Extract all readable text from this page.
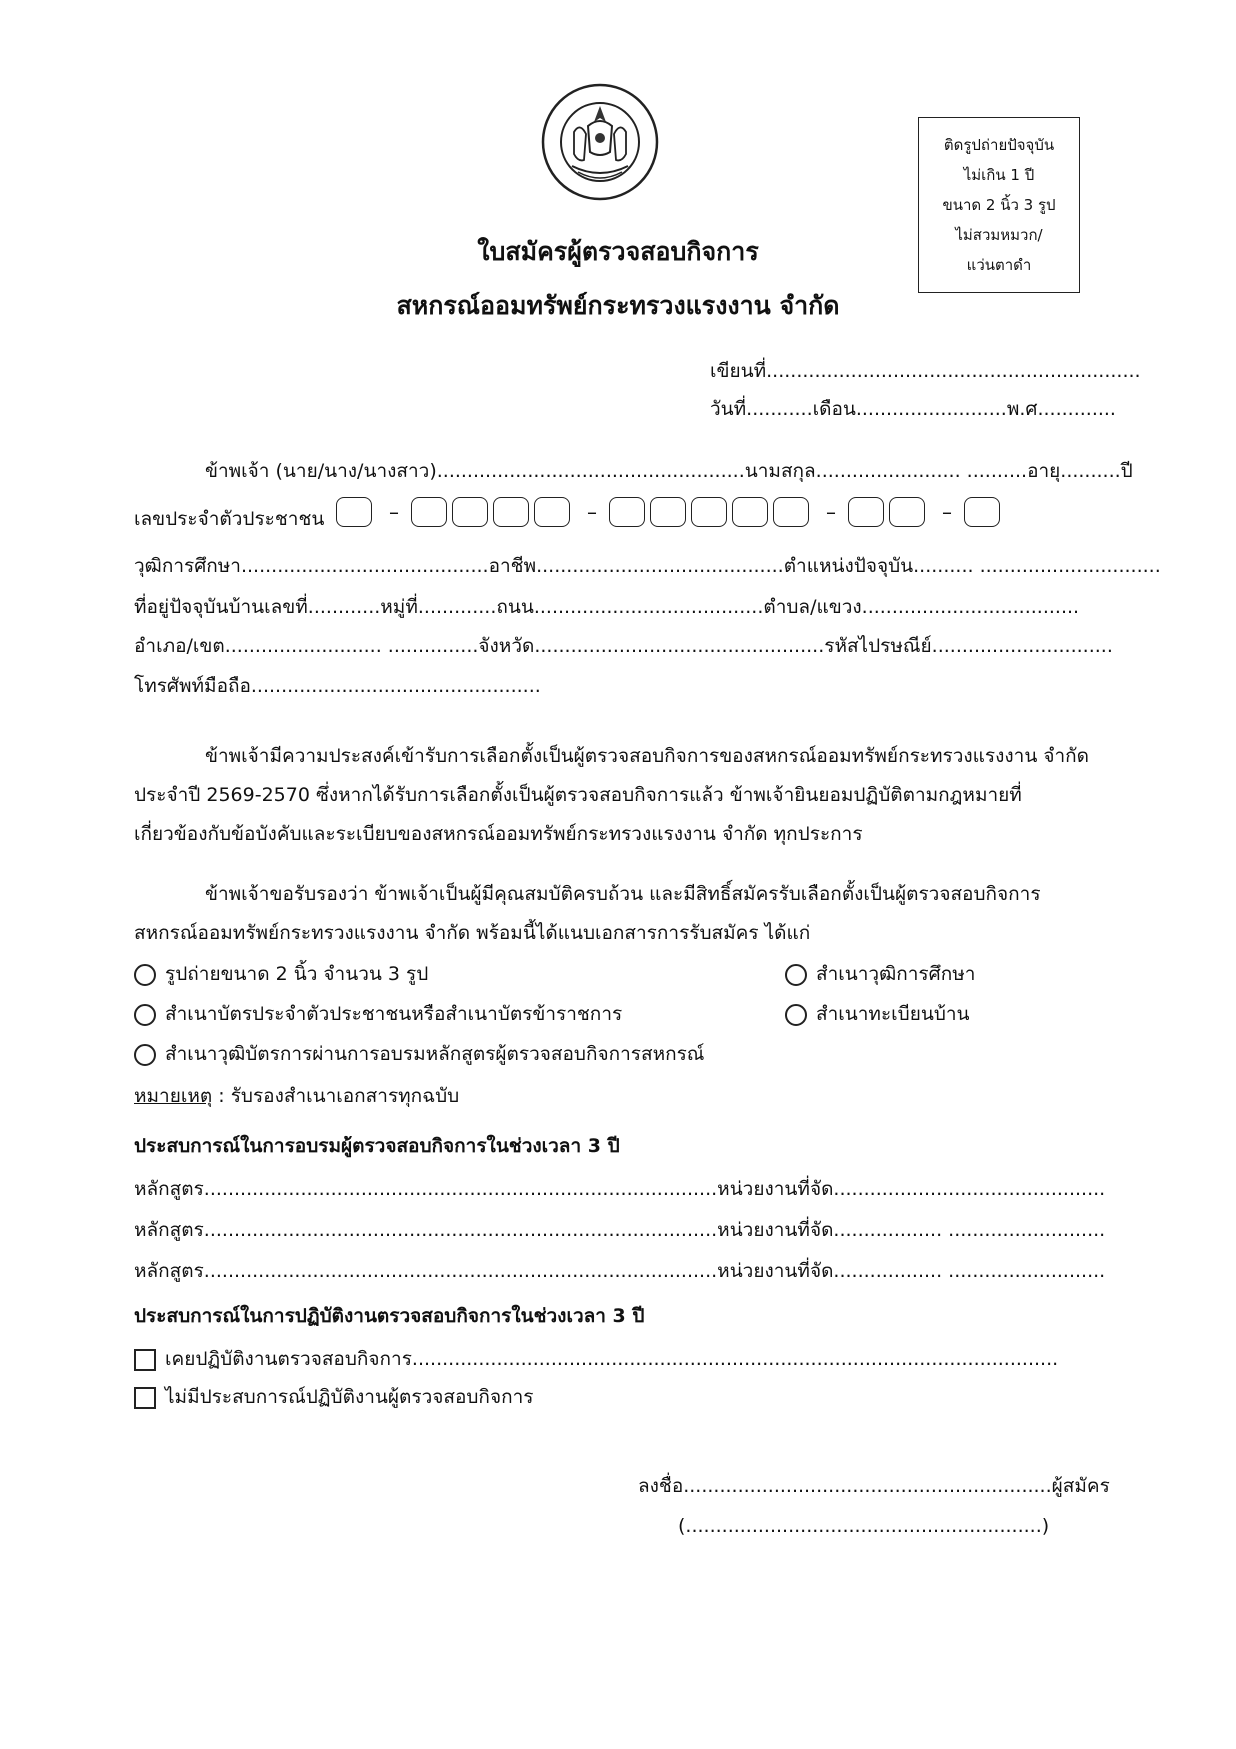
ติดรูปถ่ายปัจจุบัน
ไม่เกิน 1 ปี
ขนาด 2 นิ้ว 3 รูป
ไม่สวมหมวก/
แว่นตาดำ
ใบสมัครผู้ตรวจสอบกิจการ
สหกรณ์ออมทรัพย์กระทรวงแรงงาน จำกัด
เขียนที่..............................................................
วันที่...........เดือน.........................พ.ศ.............
ข้าพเจ้า (นาย/นาง/นางสาว)...................................................นามสกุล........................ ..........อายุ..........ปี
เลขประจำตัวประชาชน	–	–	–	–
วุฒิการศึกษา.........................................อาชีพ.........................................ตำแหน่งปัจจุบัน.......... ..............................
ที่อยู่ปัจจุบันบ้านเลขที่............หมู่ที่.............ถนน......................................ตำบล/แขวง....................................
อำเภอ/เขต.......................... ...............จังหวัด................................................รหัสไปรษณีย์..............................
โทรศัพท์มือถือ................................................
ข้าพเจ้ามีความประสงค์เข้ารับการเลือกตั้งเป็นผู้ตรวจสอบกิจการของสหกรณ์ออมทรัพย์กระทรวงแรงงาน จำกัด
ประจำปี 2569-2570 ซึ่งหากได้รับการเลือกตั้งเป็นผู้ตรวจสอบกิจการแล้ว ข้าพเจ้ายินยอมปฏิบัติตามกฎหมายที่
เกี่ยวข้องกับข้อบังคับและระเบียบของสหกรณ์ออมทรัพย์กระทรวงแรงงาน จำกัด ทุกประการ
ข้าพเจ้าขอรับรองว่า ข้าพเจ้าเป็นผู้มีคุณสมบัติครบถ้วน และมีสิทธิ์สมัครรับเลือกตั้งเป็นผู้ตรวจสอบกิจการ
สหกรณ์ออมทรัพย์กระทรวงแรงงาน จำกัด พร้อมนี้ได้แนบเอกสารการรับสมัคร ได้แก่
รูปถ่ายขนาด 2 นิ้ว จำนวน 3 รูป	สำเนาวุฒิการศึกษา
สำเนาบัตรประจำตัวประชาชนหรือสำเนาบัตรข้าราชการ	สำเนาทะเบียนบ้าน
สำเนาวุฒิบัตรการผ่านการอบรมหลักสูตรผู้ตรวจสอบกิจการสหกรณ์
หมายเหตุ : รับรองสำเนาเอกสารทุกฉบับ
ประสบการณ์ในการอบรมผู้ตรวจสอบกิจการในช่วงเวลา 3 ปี
หลักสูตร.....................................................................................หน่วยงานที่จัด.............................................
หลักสูตร.....................................................................................หน่วยงานที่จัด.................. ..........................
หลักสูตร.....................................................................................หน่วยงานที่จัด.................. ..........................
ประสบการณ์ในการปฏิบัติงานตรวจสอบกิจการในช่วงเวลา 3 ปี
เคยปฏิบัติงานตรวจสอบกิจการ...........................................................................................................
ไม่มีประสบการณ์ปฏิบัติงานผู้ตรวจสอบกิจการ
ลงชื่อ.............................................................ผู้สมัคร
(...........................................................)
